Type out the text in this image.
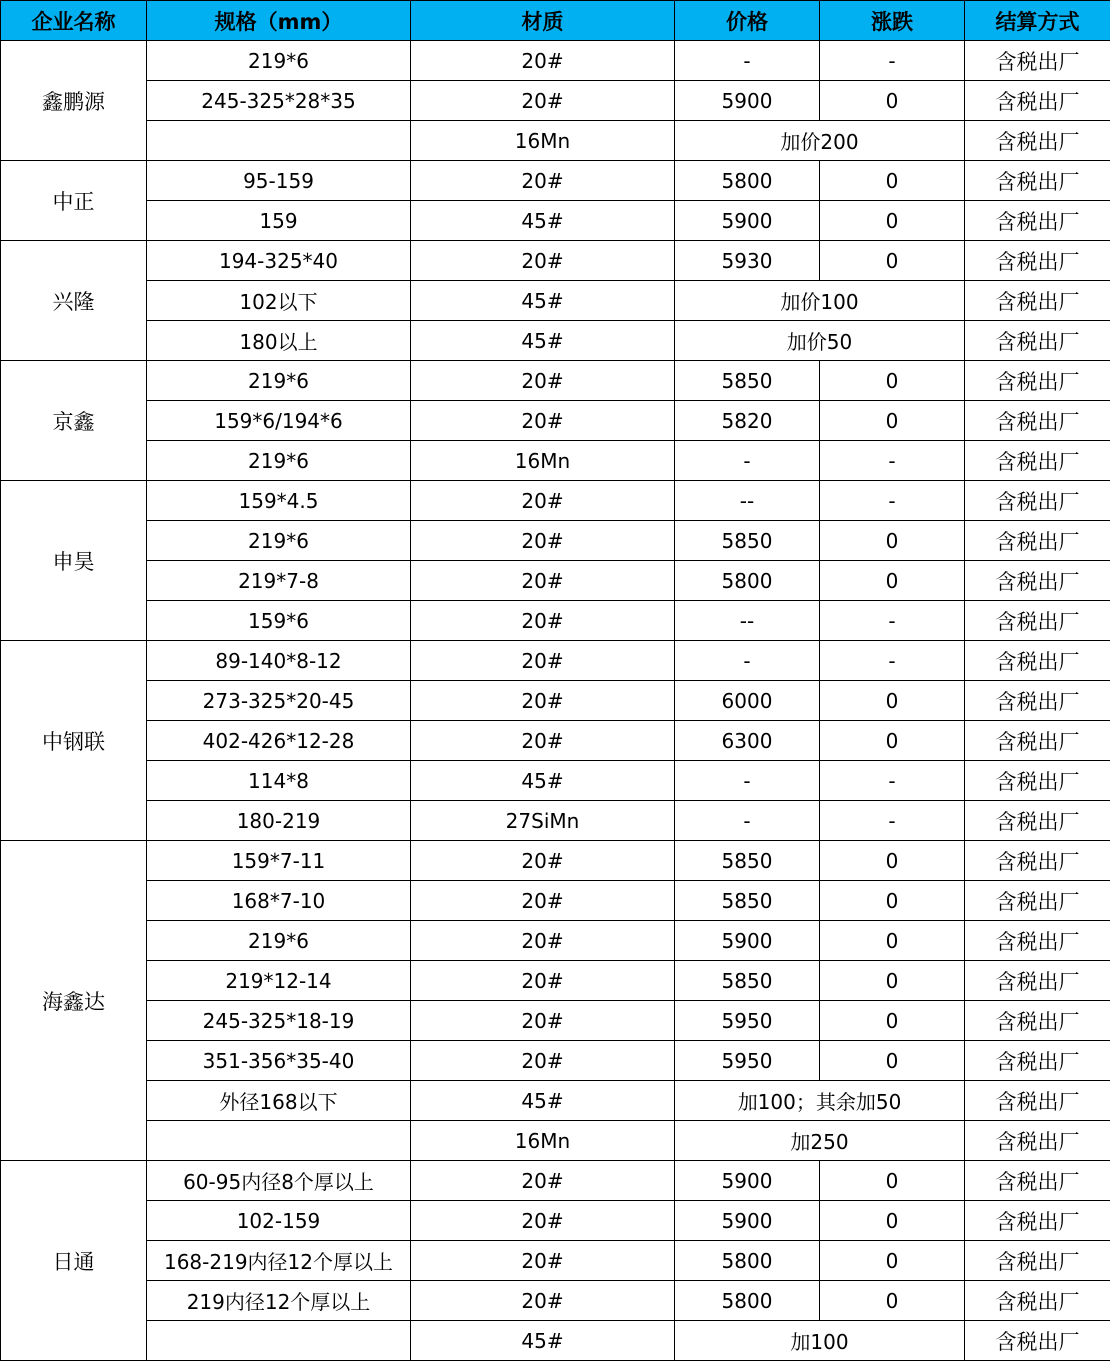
企业名称	规格（mm）	材质	价格	涨跌	结算方式
鑫鹏源	219*6	20#	-	-	含税出厂
	245-325*28*35	20#	5900	0	含税出厂
		16Mn	加价200		含税出厂
中正	95-159	20#	5800	0	含税出厂
	159	45#	5900	0	含税出厂
兴隆	194-325*40	20#	5930	0	含税出厂
	102以下	45#	加价100		含税出厂
	180以上	45#	加价50		含税出厂
京鑫	219*6	20#	5850	0	含税出厂
	159*6/194*6	20#	5820	0	含税出厂
	219*6	16Mn	-	-	含税出厂
申昊	159*4.5	20#	--	-	含税出厂
	219*6	20#	5850	0	含税出厂
	219*7-8	20#	5800	0	含税出厂
	159*6	20#	--	-	含税出厂
中钢联	89-140*8-12	20#	-	-	含税出厂
	273-325*20-45	20#	6000	0	含税出厂
	402-426*12-28	20#	6300	0	含税出厂
	114*8	45#	-	-	含税出厂
	180-219	27SiMn	-	-	含税出厂
海鑫达	159*7-11	20#	5850	0	含税出厂
	168*7-10	20#	5850	0	含税出厂
	219*6	20#	5900	0	含税出厂
	219*12-14	20#	5850	0	含税出厂
	245-325*18-19	20#	5950	0	含税出厂
	351-356*35-40	20#	5950	0	含税出厂
	外径168以下	45#	加100；其余加50		含税出厂
		16Mn	加250		含税出厂
日通	60-95内径8个厚以上	20#	5900	0	含税出厂
	102-159	20#	5900	0	含税出厂
	168-219内径12个厚以上	20#	5800	0	含税出厂
	219内径12个厚以上	20#	5800	0	含税出厂
		45#	加100		含税出厂
